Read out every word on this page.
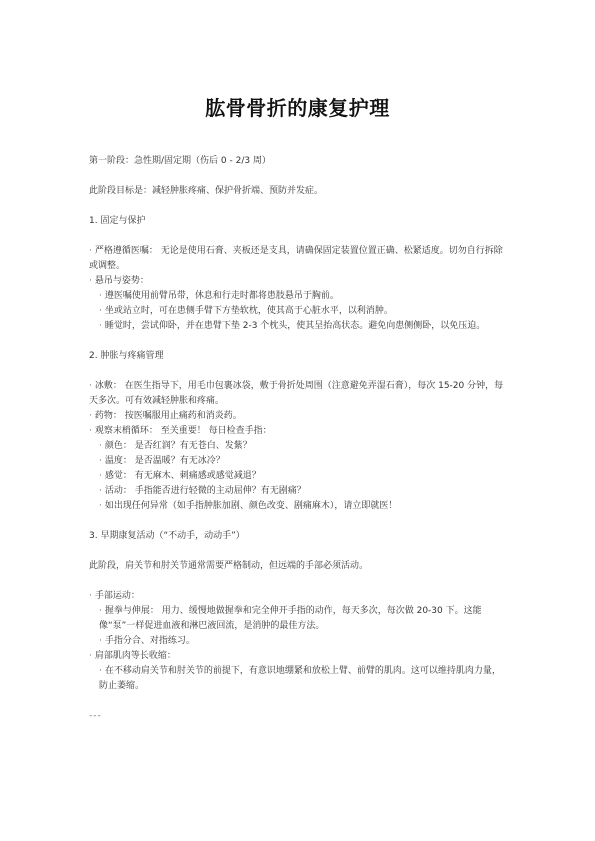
肱骨骨折的康复护理

第一阶段：急性期/固定期（伤后 0 - 2/3 周）

此阶段目标是：减轻肿胀疼痛、保护骨折端、预防并发症。

1. 固定与保护

· 严格遵循医嘱： 无论是使用石膏、夹板还是支具，请确保固定装置位置正确、松紧适度。切勿自行拆除或调整。

· 悬吊与姿势：

· 遵医嘱使用前臂吊带，休息和行走时都将患肢悬吊于胸前。

· 坐或站立时，可在患侧手臂下方垫软枕，使其高于心脏水平，以利消肿。

· 睡觉时，尝试仰卧，并在患臂下垫 2-3 个枕头，使其呈抬高状态。避免向患侧侧卧，以免压迫。

2. 肿胀与疼痛管理

· 冰敷： 在医生指导下，用毛巾包裹冰袋，敷于骨折处周围（注意避免弄湿石膏），每次 15-20 分钟，每天多次。可有效减轻肿胀和疼痛。

· 药物： 按医嘱服用止痛药和消炎药。

· 观察末梢循环： 至关重要！ 每日检查手指：

· 颜色： 是否红润？有无苍白、发紫？

· 温度： 是否温暖？有无冰冷？

· 感觉： 有无麻木、刺痛感或感觉减退？

· 活动： 手指能否进行轻微的主动屈伸？有无剧痛？

· 如出现任何异常（如手指肿胀加剧、颜色改变、剧痛麻木），请立即就医！

3. 早期康复活动（“不动手，动动手”）

此阶段，肩关节和肘关节通常需要严格制动，但远端的手部必须活动。

· 手部运动：

· 握拳与伸展： 用力、缓慢地做握拳和完全伸开手指的动作，每天多次，每次做 20-30 下。这能像“泵”一样促进血液和淋巴液回流，是消肿的最佳方法。

· 手指分合、对指练习。

· 肩部肌肉等长收缩：

· 在不移动肩关节和肘关节的前提下，有意识地绷紧和放松上臂、前臂的肌肉。这可以维持肌肉力量，防止萎缩。

---
